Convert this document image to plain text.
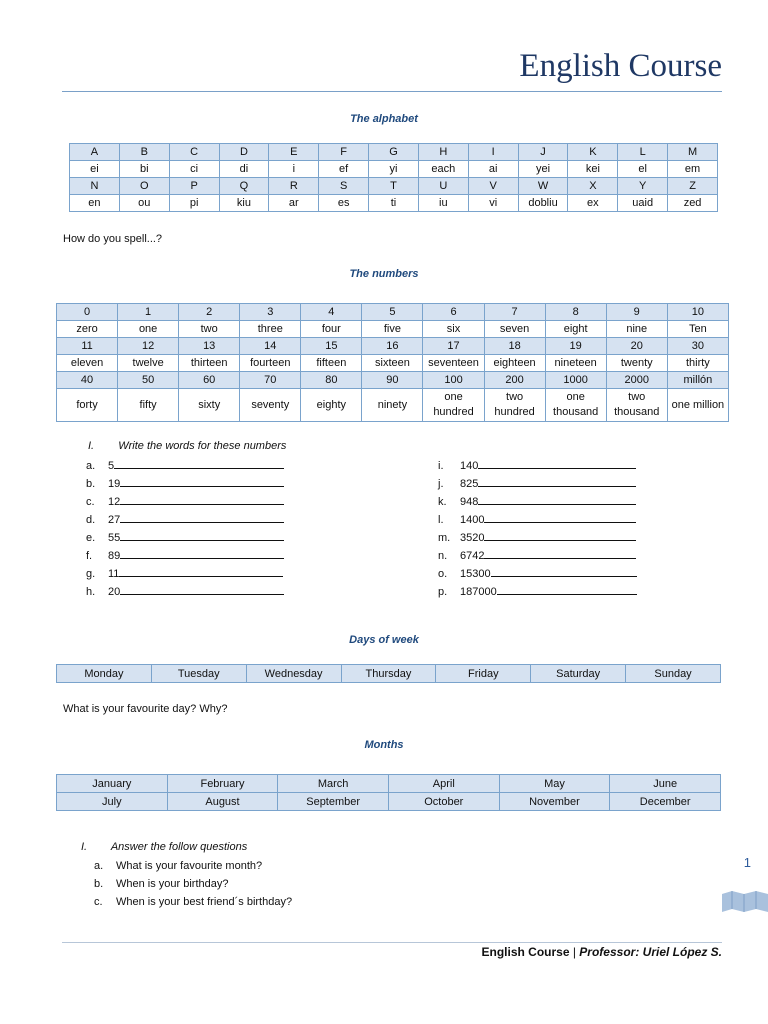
English Course
The alphabet
A	B	C	D	E	F	G	H	I	J	K	L	M
ei	bi	ci	di	i	ef	yi	each	ai	yei	kei	el	em
N	O	P	Q	R	S	T	U	V	W	X	Y	Z
en	ou	pi	kiu	ar	es	ti	iu	vi	dobliu	ex	uaid	zed
How do you spell...?
The numbers
0	1	2	3	4	5	6	7	8	9	10
zero	one	two	three	four	five	six	seven	eight	nine	Ten
11	12	13	14	15	16	17	18	19	20	30
eleven	twelve	thirteen	fourteen	fifteen	sixteen	seventeen	eighteen	nineteen	twenty	thirty
40	50	60	70	80	90	100	200	1000	2000	millón
forty	fifty	sixty	seventy	eighty	ninety	one hundred	two hundred	one thousand	two thousand	one million
I. Write the words for these numbers
a. 5
b. 19
c. 12
d. 27
e. 55
f. 89
g. 11
h. 20
i. 140
j. 825
k. 948
l. 1400
m. 3520
n. 6742
o. 15300
p. 187000
Days of week
Monday	Tuesday	Wednesday	Thursday	Friday	Saturday	Sunday
What is your favourite day? Why?
Months
January	February	March	April	May	June
July	August	September	October	November	December
I. Answer the follow questions
a. What is your favourite month?
b. When is your birthday?
c. When is your best friend´s birthday?
1
English Course | Professor: Uriel López S.
